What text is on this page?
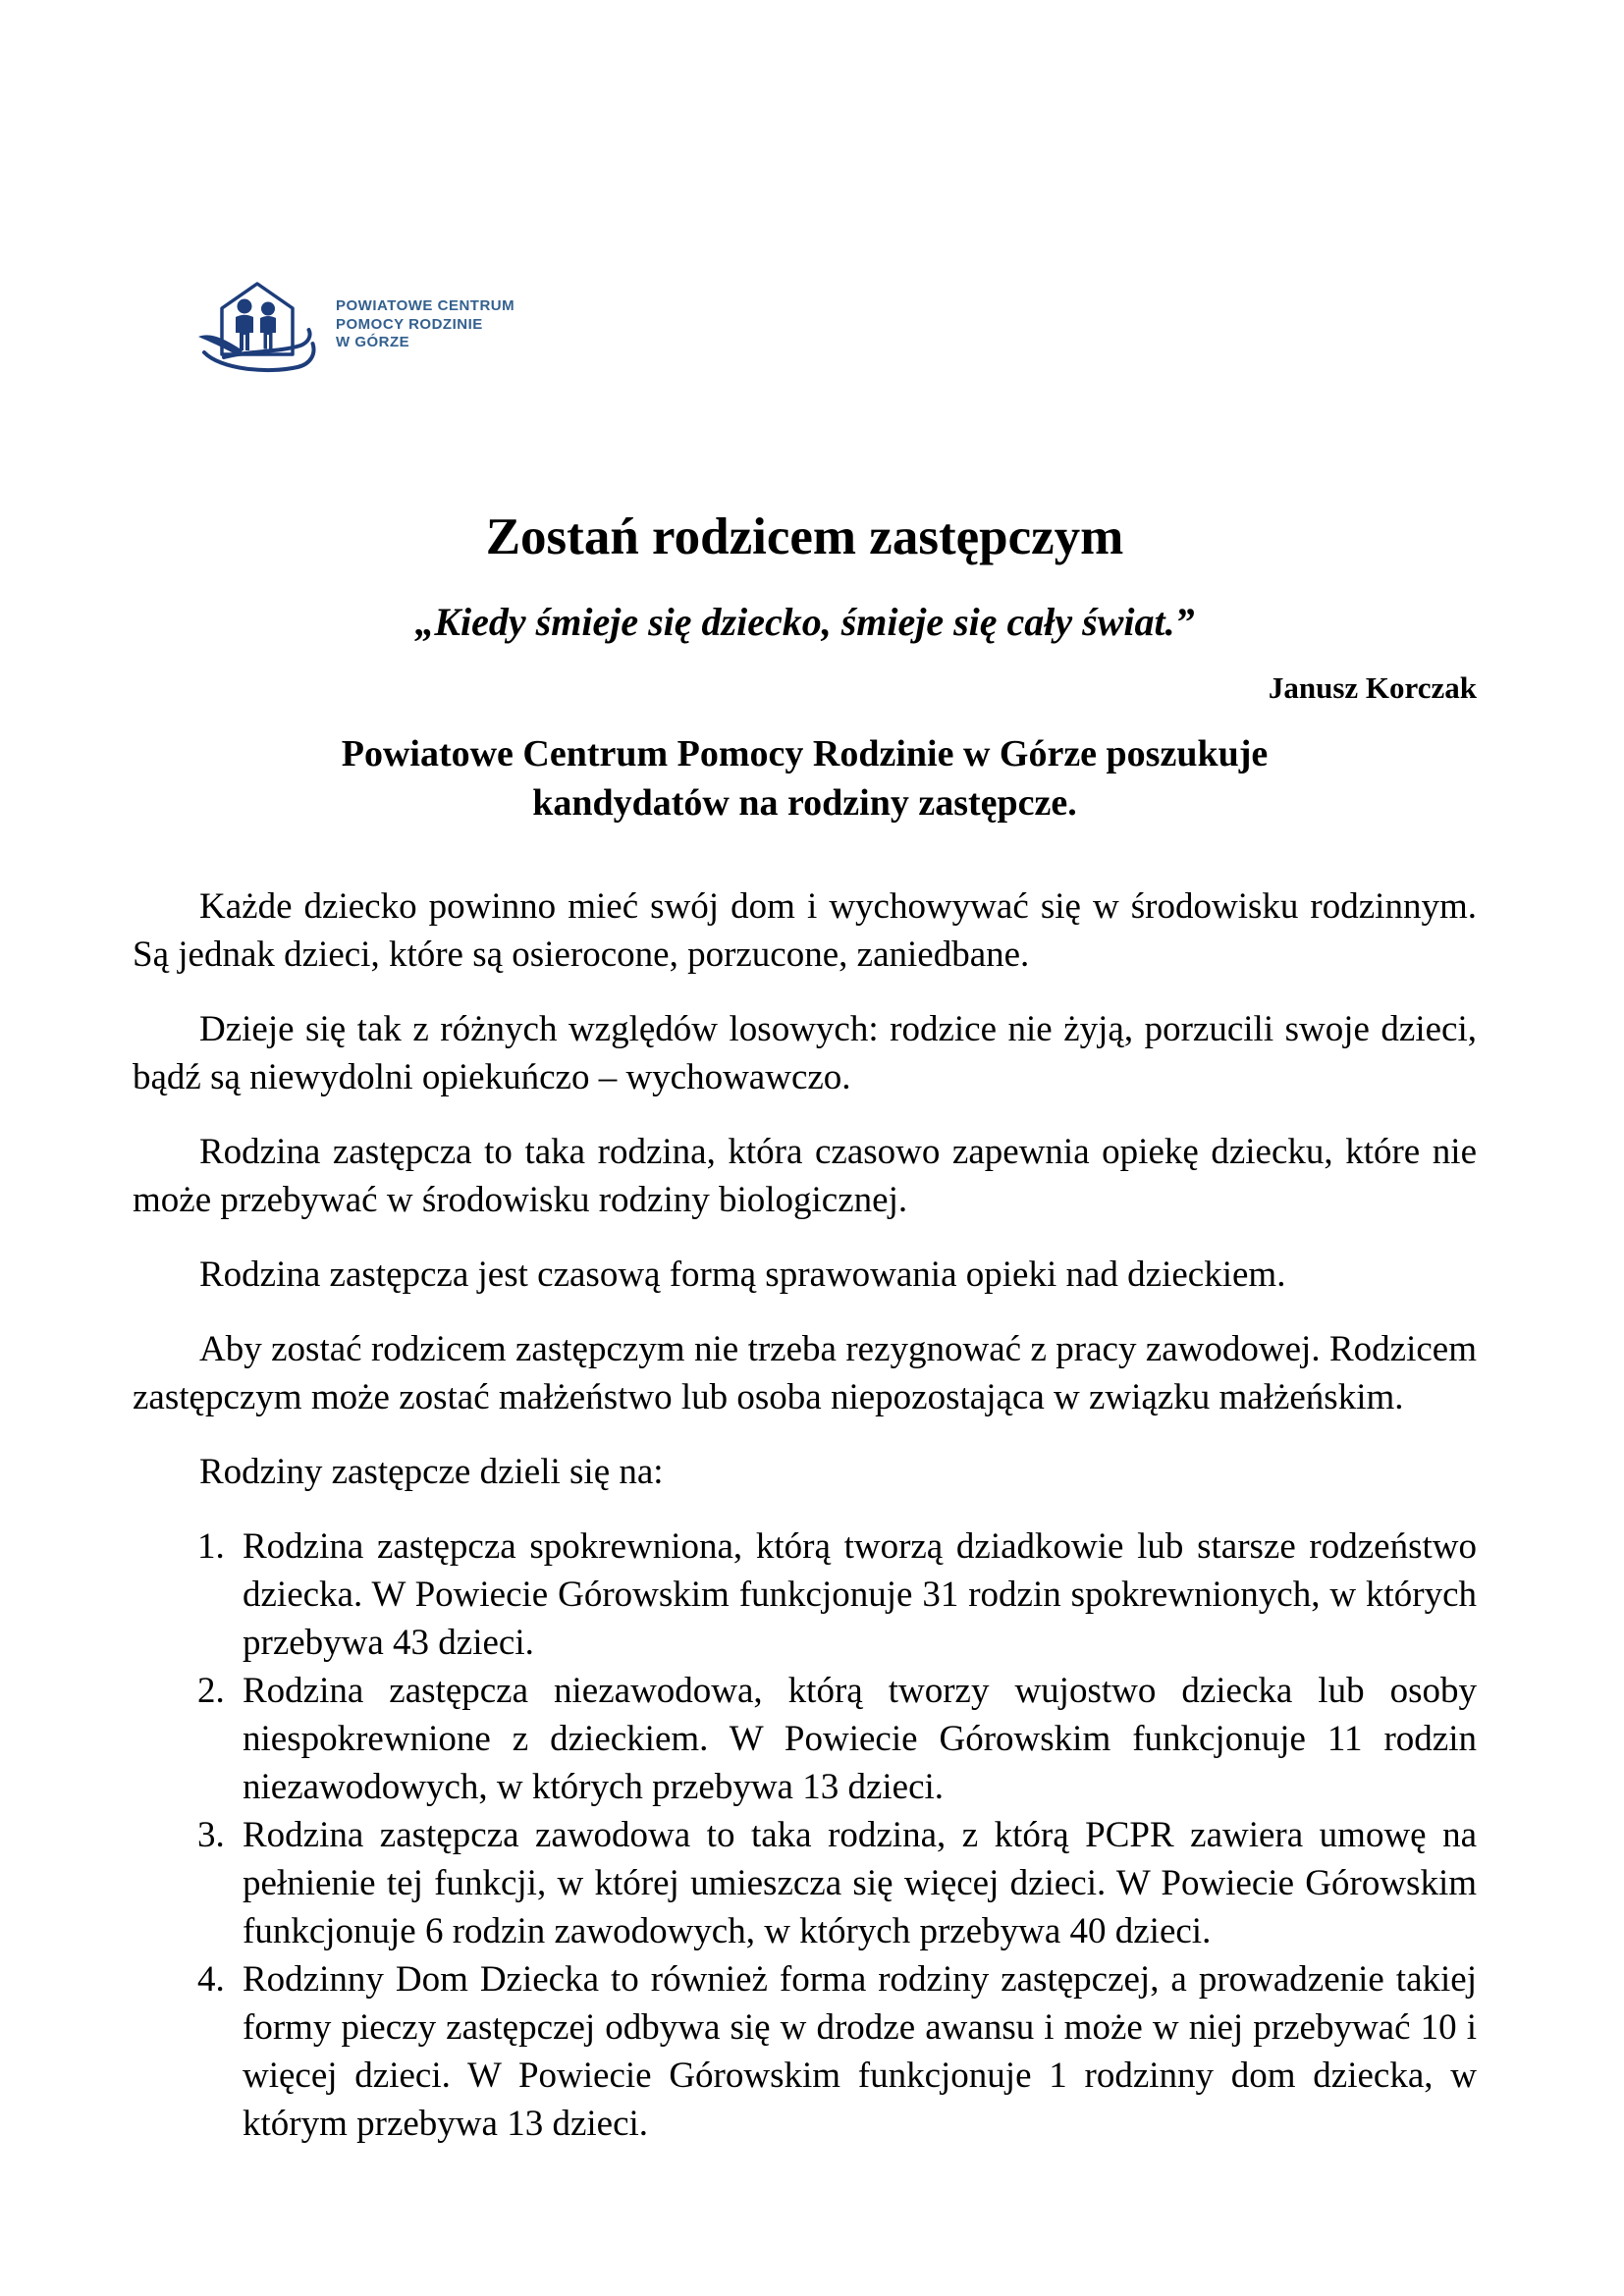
POWIATOWE CENTRUM
POMOCY RODZINIE
W GÓRZE
Zostań rodzicem zastępczym
„Kiedy śmieje się dziecko, śmieje się cały świat.”
Janusz Korczak
Powiatowe Centrum Pomocy Rodzinie w Górze poszukuje
kandydatów na rodziny zastępcze.

Każde dziecko powinno mieć swój dom i wychowywać się w środowisku rodzinnym. Są jednak dzieci, które są osierocone, porzucone, zaniedbane.

Dzieje się tak z różnych względów losowych: rodzice nie żyją, porzucili swoje dzieci, bądź są niewydolni opiekuńczo – wychowawczo.

Rodzina zastępcza to taka rodzina, która czasowo zapewnia opiekę dziecku, które nie może przebywać w środowisku rodziny biologicznej.

Rodzina zastępcza jest czasową formą sprawowania opieki nad dzieckiem.

Aby zostać rodzicem zastępczym nie trzeba rezygnować z pracy zawodowej. Rodzicem zastępczym może zostać małżeństwo lub osoba niepozostająca w związku małżeńskim.

Rodziny zastępcze dzieli się na:

1. Rodzina zastępcza spokrewniona, którą tworzą dziadkowie lub starsze rodzeństwo dziecka. W Powiecie Górowskim funkcjonuje 31 rodzin spokrewnionych, w których przebywa 43 dzieci.
2. Rodzina zastępcza niezawodowa, którą tworzy wujostwo dziecka lub osoby niespokrewnione z dzieckiem. W Powiecie Górowskim funkcjonuje 11 rodzin niezawodowych, w których przebywa 13 dzieci.
3. Rodzina zastępcza zawodowa to taka rodzina, z którą PCPR zawiera umowę na pełnienie tej funkcji, w której umieszcza się więcej dzieci. W Powiecie Górowskim funkcjonuje 6 rodzin zawodowych, w których przebywa 40 dzieci.
4. Rodzinny Dom Dziecka to również forma rodziny zastępczej, a prowadzenie takiej formy pieczy zastępczej odbywa się w drodze awansu i może w niej przebywać 10 i więcej dzieci. W Powiecie Górowskim funkcjonuje 1 rodzinny dom dziecka, w którym przebywa 13 dzieci.
